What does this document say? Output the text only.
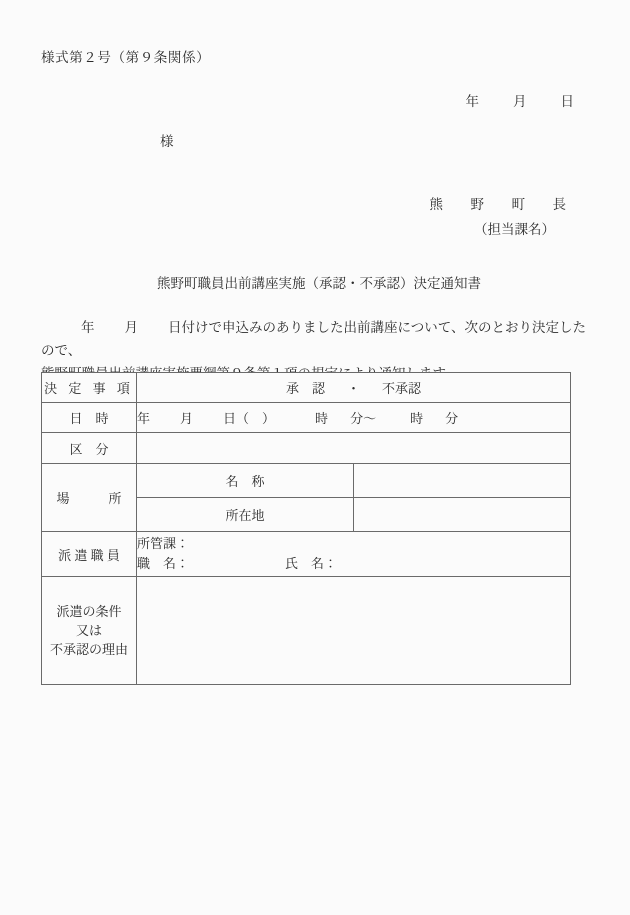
様式第２号（第９条関係）
年	月	日
様
熊　野　町　長
（担当課名）
熊野町職員出前講座実施（承認・不承認）決定通知書
年 月 日付けで申込みのありました出前講座について、次のとおり決定したので、

決 定 事 項	承　認 ・ 不承認	
日　時	年 月 日（　） 時 分～ 時 分	
区　分		
場　　　所	名　称	
	所在地	
派 遣 職 員	所管課：
職　名： 氏　名：	

派遣の条件
又は
不承認の理由		
